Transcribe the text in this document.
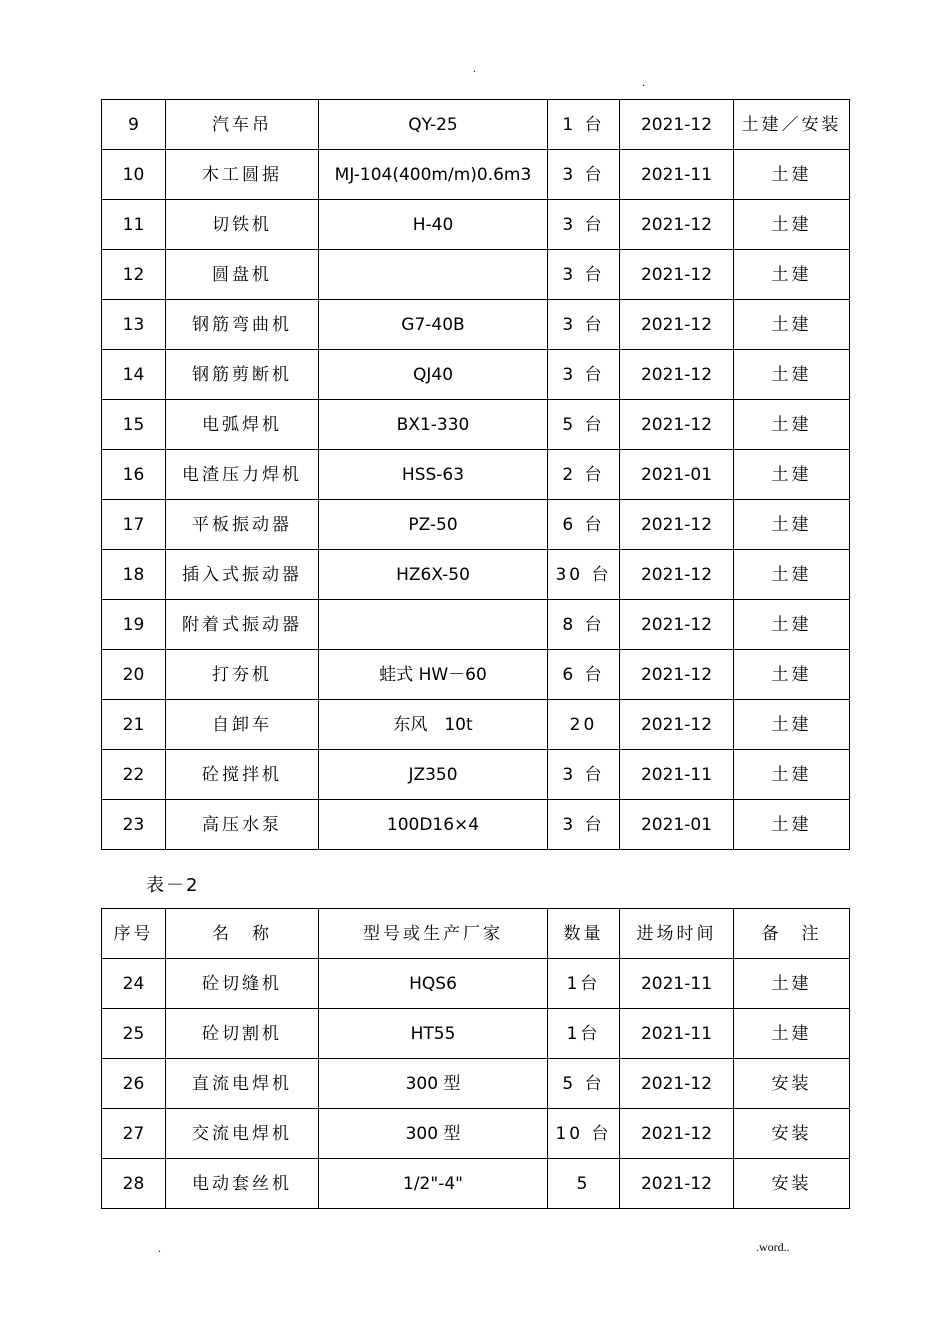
.
.
9	汽车吊	QY-25	1 台	2021-12	土建／安装
10	木工圆据	MJ-104(400m/m)0.6m3	3 台	2021-11	土建
11	切铁机	H-40	3 台	2021-12	土建
12	圆盘机		3 台	2021-12	土建
13	钢筋弯曲机	G7-40B	3 台	2021-12	土建
14	钢筋剪断机	QJ40	3 台	2021-12	土建
15	电弧焊机	BX1-330	5 台	2021-12	土建
16	电渣压力焊机	HSS-63	2 台	2021-01	土建
17	平板振动器	PZ-50	6 台	2021-12	土建
18	插入式振动器	HZ6X-50	30 台	2021-12	土建
19	附着式振动器		8 台	2021-12	土建
20	打夯机	蛙式 HW－60	6 台	2021-12	土建
21	自卸车	东风　10t	20	2021-12	土建
22	砼搅拌机	JZ350	3 台	2021-11	土建
23	高压水泵	100D16×4	3 台	2021-01	土建
表－2
序号	名　称	型号或生产厂家	数量	进场时间	备　注
24	砼切缝机	HQS6	1台	2021-11	土建
25	砼切割机	HT55	1台	2021-11	土建
26	直流电焊机	300 型	5 台	2021-12	安装
27	交流电焊机	300 型	10 台	2021-12	安装
28	电动套丝机	1/2"-4"	5	2021-12	安装
.	.word..
